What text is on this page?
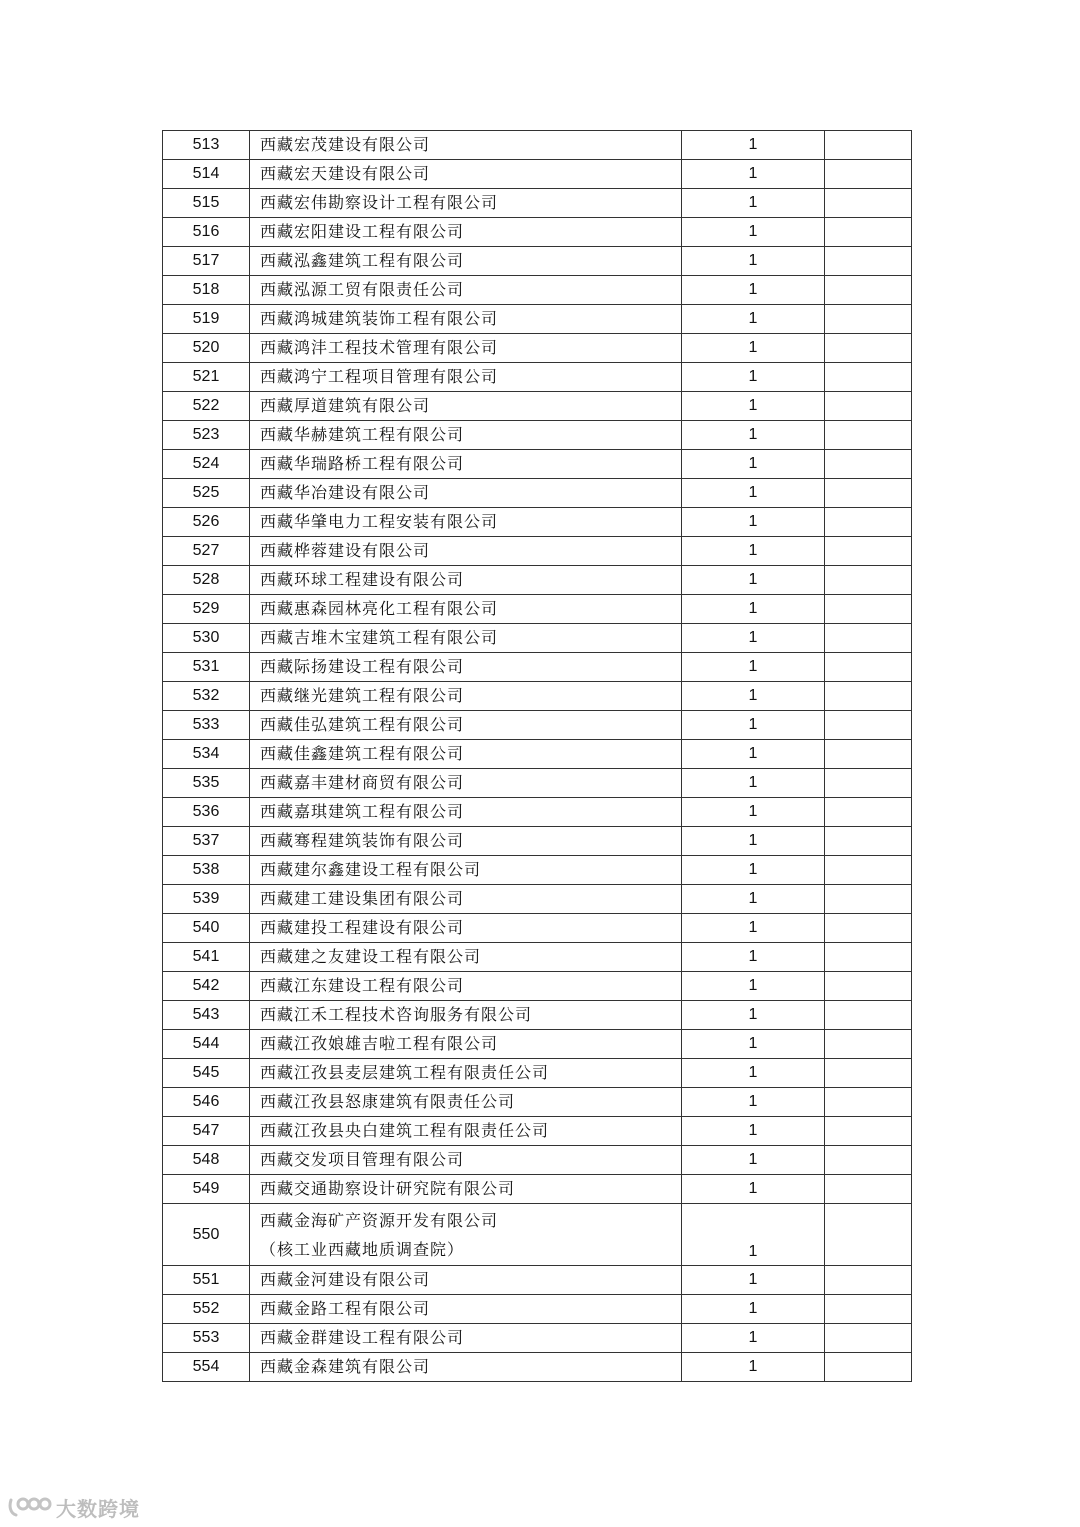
513	西藏宏茂建设有限公司	1	
514	西藏宏天建设有限公司	1	
515	西藏宏伟勘察设计工程有限公司	1	
516	西藏宏阳建设工程有限公司	1	
517	西藏泓鑫建筑工程有限公司	1	
518	西藏泓源工贸有限责任公司	1	
519	西藏鸿城建筑装饰工程有限公司	1	
520	西藏鸿沣工程技术管理有限公司	1	
521	西藏鸿宁工程项目管理有限公司	1	
522	西藏厚道建筑有限公司	1	
523	西藏华赫建筑工程有限公司	1	
524	西藏华瑞路桥工程有限公司	1	
525	西藏华冶建设有限公司	1	
526	西藏华肇电力工程安装有限公司	1	
527	西藏桦蓉建设有限公司	1	
528	西藏环球工程建设有限公司	1	
529	西藏惠森园林亮化工程有限公司	1	
530	西藏吉堆木宝建筑工程有限公司	1	
531	西藏际扬建设工程有限公司	1	
532	西藏继光建筑工程有限公司	1	
533	西藏佳弘建筑工程有限公司	1	
534	西藏佳鑫建筑工程有限公司	1	
535	西藏嘉丰建材商贸有限公司	1	
536	西藏嘉琪建筑工程有限公司	1	
537	西藏骞程建筑装饰有限公司	1	
538	西藏建尔鑫建设工程有限公司	1	
539	西藏建工建设集团有限公司	1	
540	西藏建投工程建设有限公司	1	
541	西藏建之友建设工程有限公司	1	
542	西藏江东建设工程有限公司	1	
543	西藏江禾工程技术咨询服务有限公司	1	
544	西藏江孜娘雄吉啦工程有限公司	1	
545	西藏江孜县麦层建筑工程有限责任公司	1	
546	西藏江孜县怒康建筑有限责任公司	1	
547	西藏江孜县央白建筑工程有限责任公司	1	
548	西藏交发项目管理有限公司	1	
549	西藏交通勘察设计研究院有限公司	1	
550	西藏金海矿产资源开发有限公司
（核工业西藏地质调查院）	1	
551	西藏金河建设有限公司	1	
552	西藏金路工程有限公司	1	
553	西藏金群建设工程有限公司	1	
554	西藏金森建筑有限公司	1	
大数跨境
